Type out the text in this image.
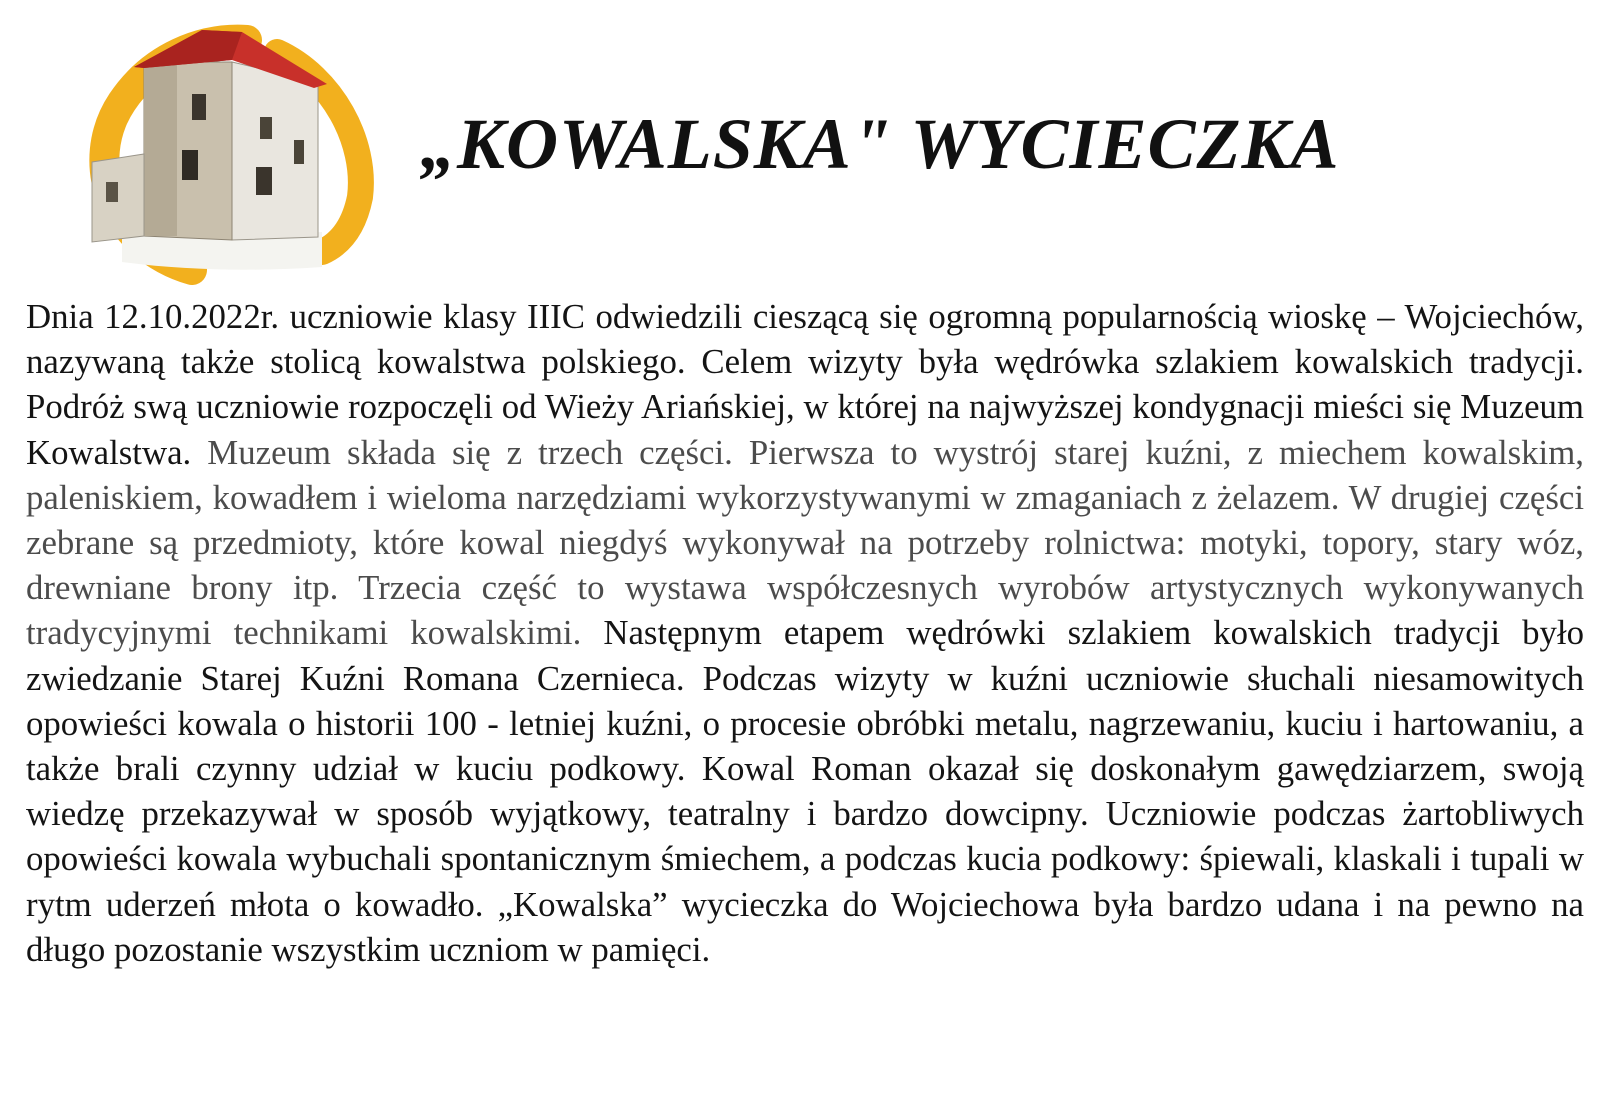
„KOWALSKA" WYCIECZKA

Dnia 12.10.2022r. uczniowie klasy IIIC odwiedzili cieszącą się ogromną popularnością wioskę – Wojciechów, nazywaną także stolicą kowalstwa polskiego. Celem wizyty była wędrówka szlakiem kowalskich tradycji. Podróż swą uczniowie rozpoczęli od Wieży Ariańskiej, w której na najwyższej kondygnacji mieści się Muzeum Kowalstwa. Muzeum składa się z trzech części. Pierwsza to wystrój starej kuźni, z miechem kowalskim, paleniskiem, kowadłem i wieloma narzędziami wykorzystywanymi w zmaganiach z żelazem. W drugiej części zebrane są przedmioty, które kowal niegdyś wykonywał na potrzeby rolnictwa: motyki, topory, stary wóz, drewniane brony itp. Trzecia część to wystawa współczesnych wyrobów artystycznych wykonywanych tradycyjnymi technikami kowalskimi. Następnym etapem wędrówki szlakiem kowalskich tradycji było zwiedzanie Starej Kuźni Romana Czernieca. Podczas wizyty w kuźni uczniowie słuchali niesamowitych opowieści kowala o historii 100 - letniej kuźni, o procesie obróbki metalu, nagrzewaniu, kuciu i hartowaniu, a także brali czynny udział w kuciu podkowy. Kowal Roman okazał się doskonałym gawędziarzem, swoją wiedzę przekazywał w sposób wyjątkowy, teatralny i bardzo dowcipny. Uczniowie podczas żartobliwych opowieści kowala wybuchali spontanicznym śmiechem, a podczas kucia podkowy: śpiewali, klaskali i tupali w rytm uderzeń młota o kowadło. „Kowalska” wycieczka do Wojciechowa była bardzo udana i na pewno na długo pozostanie wszystkim uczniom w pamięci.
